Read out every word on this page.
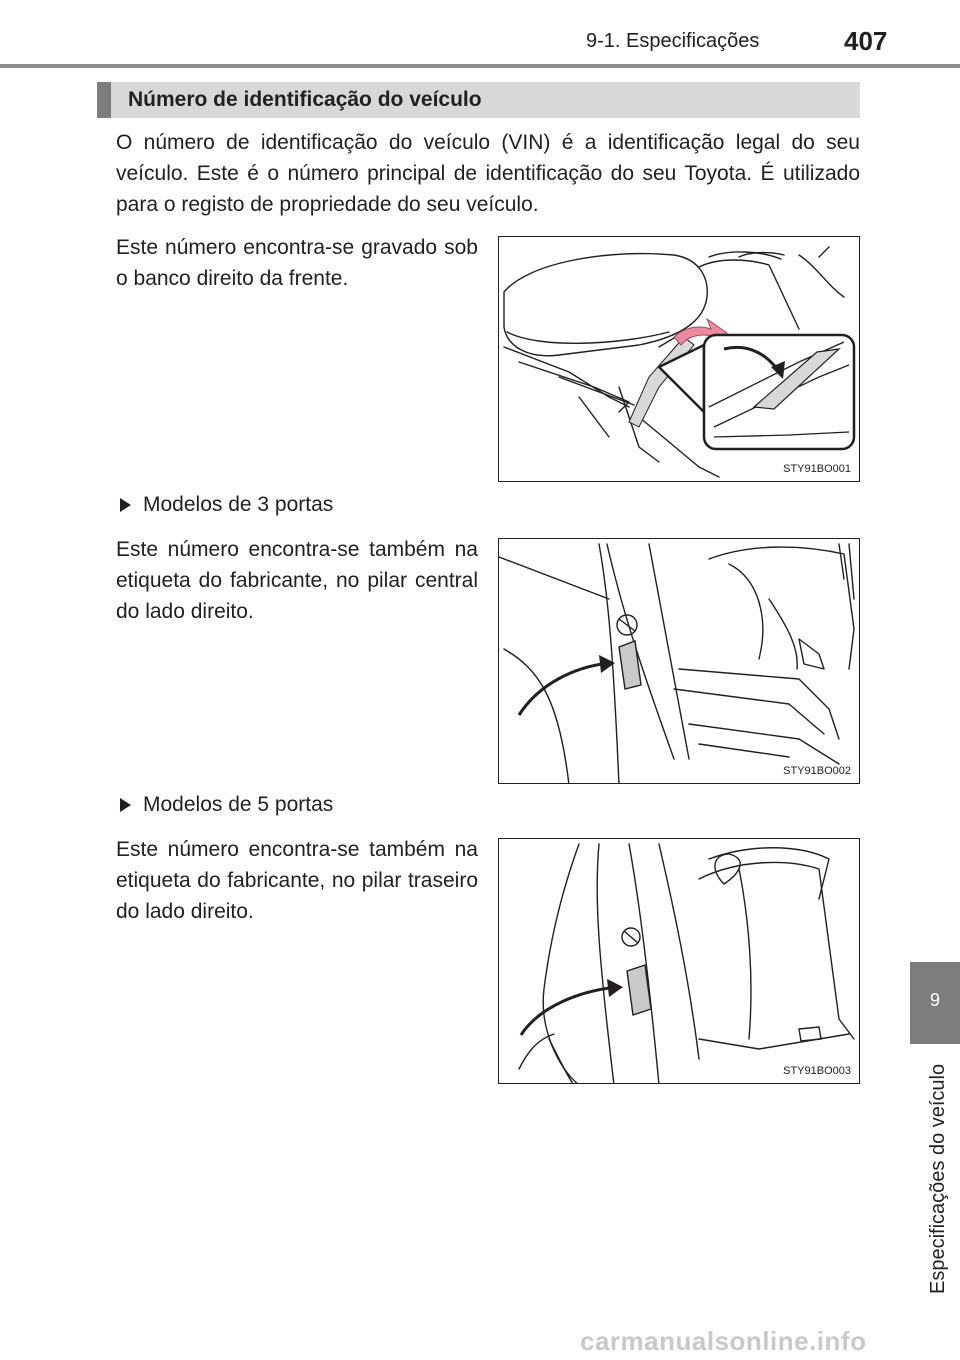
9-1. Especificações	407
Número de identificação do veículo

O número de identificação do veículo (VIN) é a identificação legal do seu veículo. Este é o número principal de identificação do seu Toyota. É utilizado para o registo de propriedade do seu veículo.

Este número encontra-se gravado sob o banco direito da frente.

STY91BO001
Modelos de 3 portas

Este número encontra-se também na etiqueta do fabricante, no pilar central do lado direito.

STY91BO002
Modelos de 5 portas

Este número encontra-se também na etiqueta do fabricante, no pilar traseiro do lado direito.

STY91BO003
9
Especificações do veículo
carmanualsonline.info
